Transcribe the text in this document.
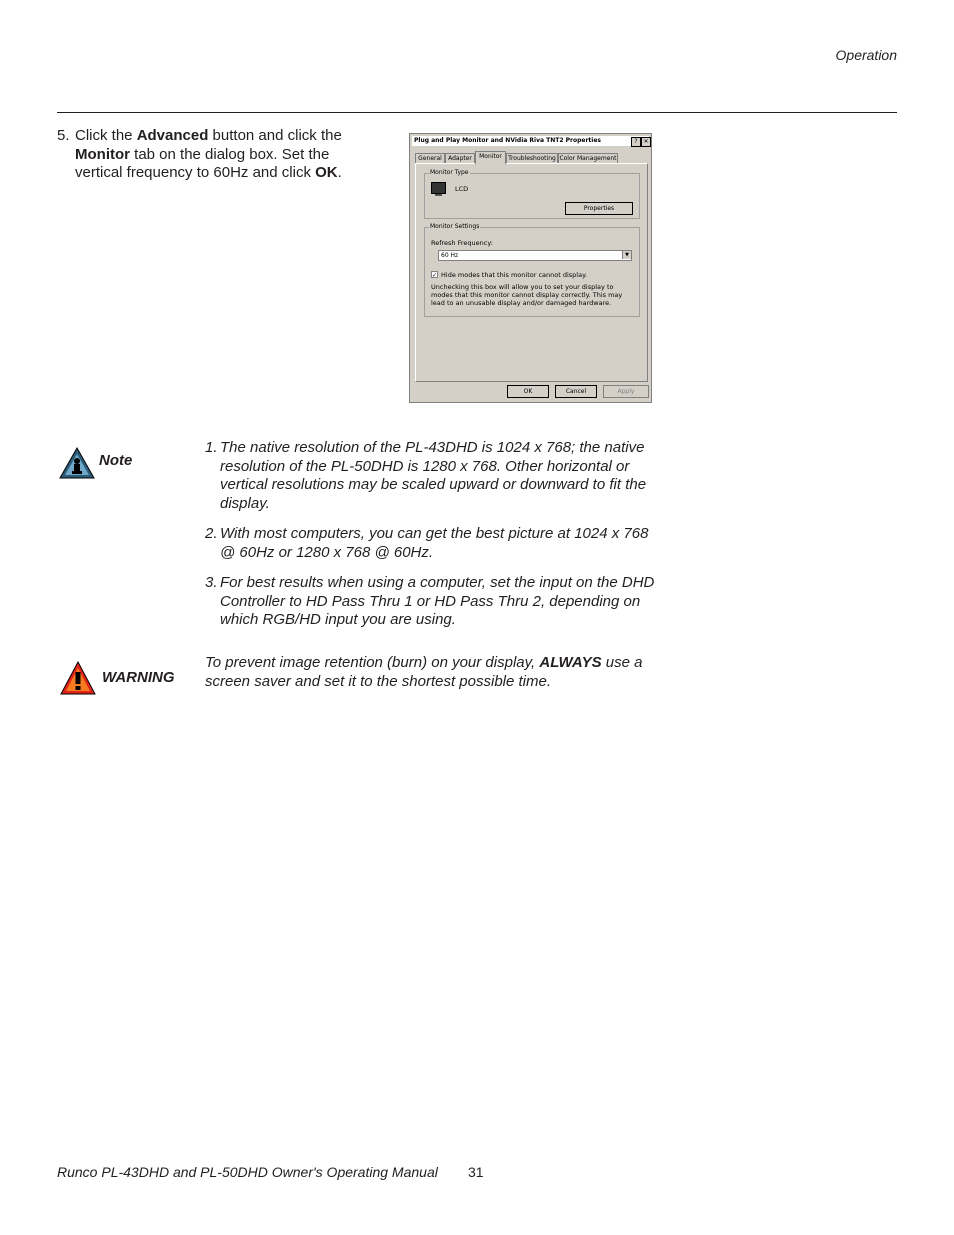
Operation
5. Click the Advanced button and click the Monitor tab on the dialog box. Set the vertical frequency to 60Hz and click OK.
Plug and Play Monitor and NVidia Riva TNT2 Properties	? ✕
General	Adapter	Monitor	Troubleshooting Color Management
Monitor Type
LCD
Properties
Monitor Settings
Refresh Frequency:
60 Hz	▼
✓ Hide modes that this monitor cannot display.
Unchecking this box will allow you to set your display to modes that this monitor cannot display correctly. This may lead to an unusable display and/or damaged hardware.
OK	Cancel	Apply
Note
1. The native resolution of the PL-43DHD is 1024 x 768; the native resolution of the PL-50DHD is 1280 x 768. Other horizontal or vertical resolutions may be scaled upward or downward to fit the display.
2. With most computers, you can get the best picture at 1024 x 768 @ 60Hz or 1280 x 768 @ 60Hz.
3. For best results when using a computer, set the input on the DHD Controller to HD Pass Thru 1 or HD Pass Thru 2, depending on which RGB/HD input you are using.
WARNING
To prevent image retention (burn) on your display, ALWAYS use a screen saver and set it to the shortest possible time.
Runco PL-43DHD and PL-50DHD Owner's Operating Manual 31
